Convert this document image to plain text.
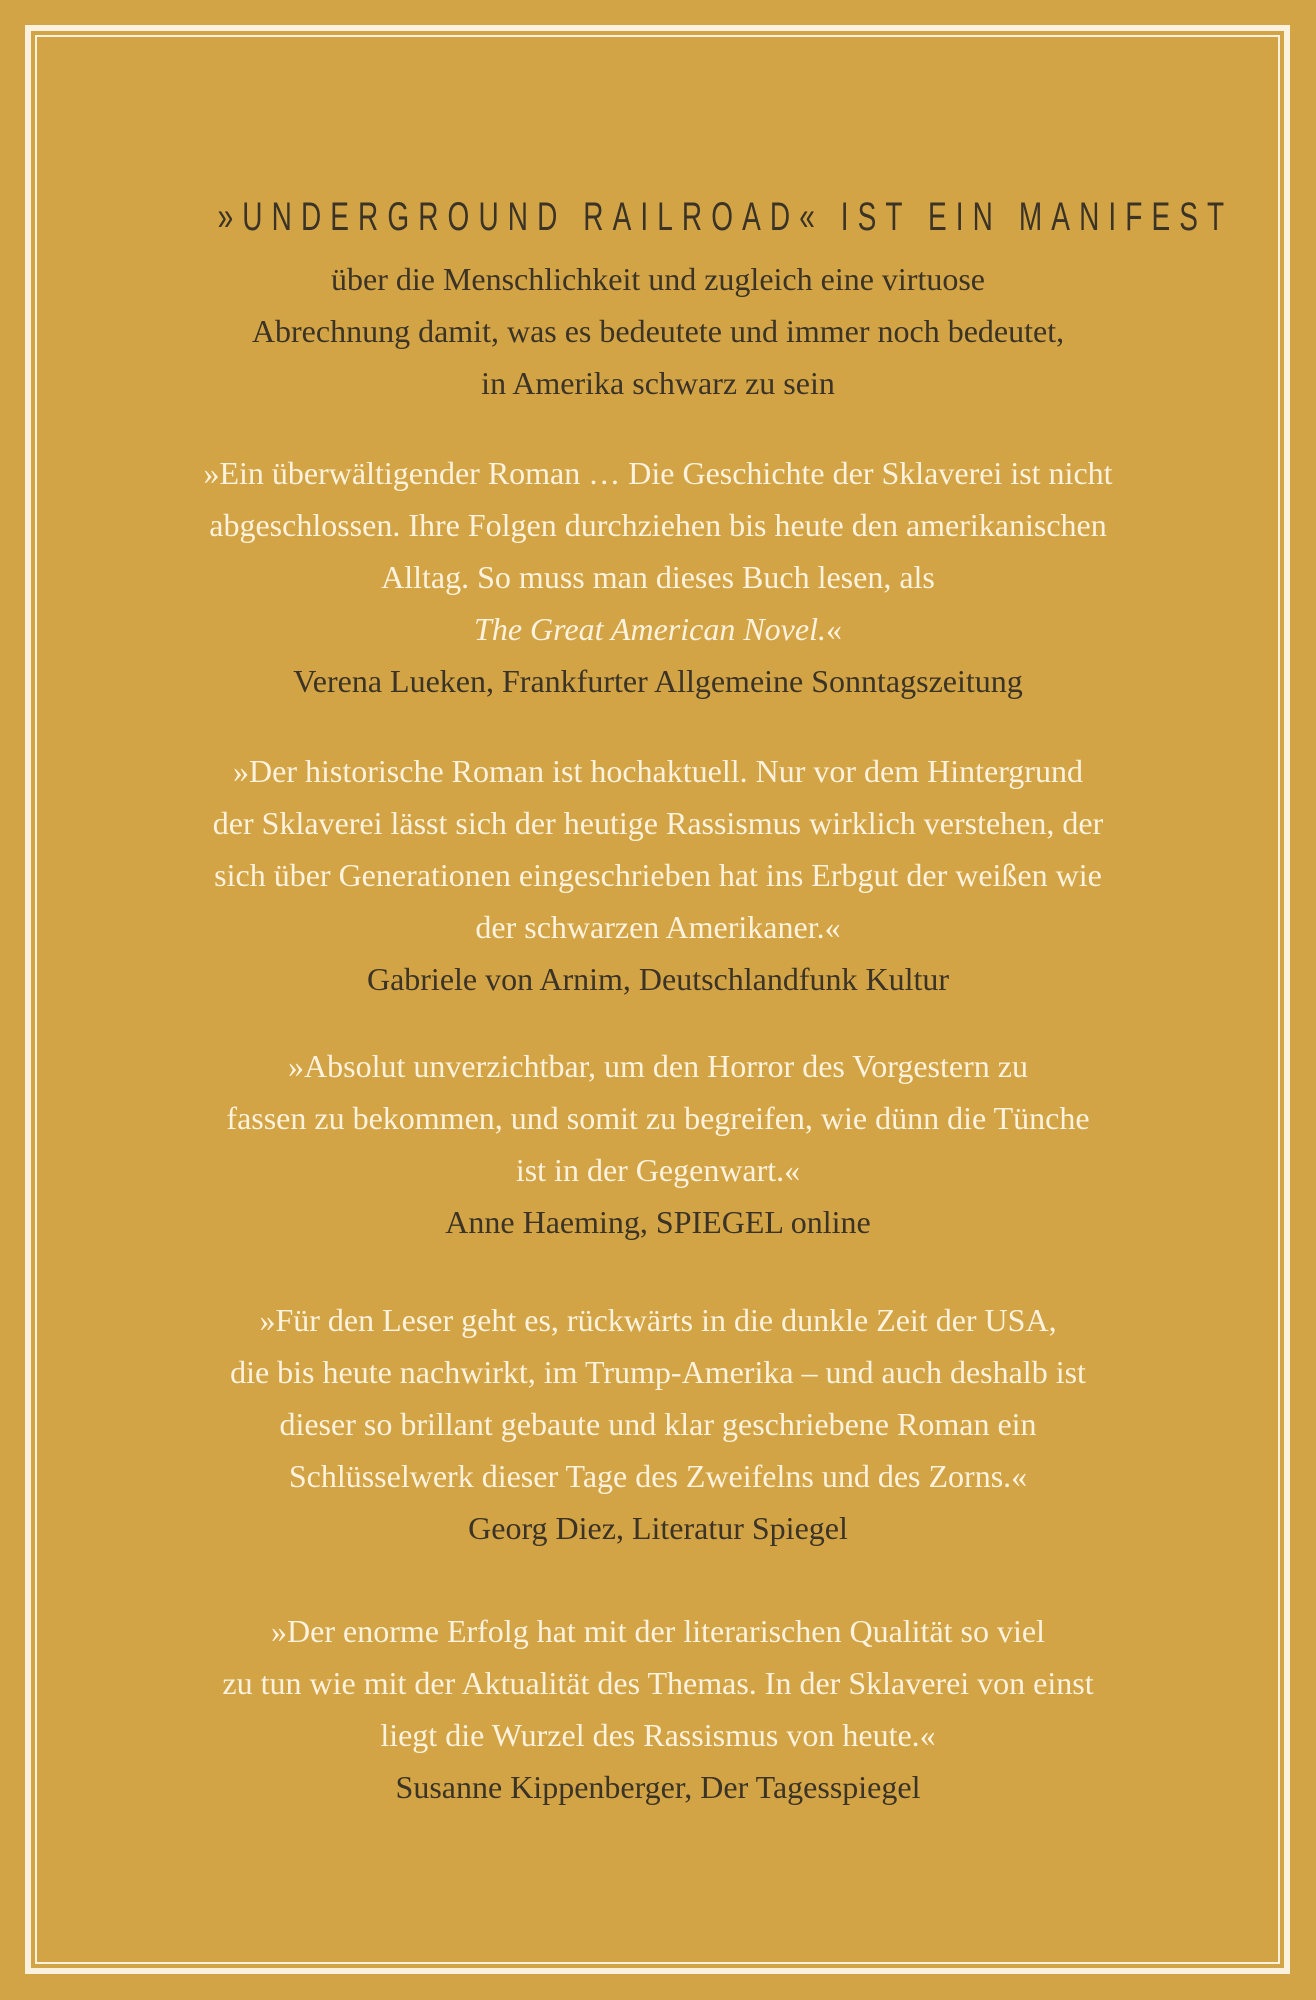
»UNDERGROUND RAILROAD« IST EIN MANIFEST
über die Menschlichkeit und zugleich eine virtuose
Abrechnung damit, was es bedeutete und immer noch bedeutet,
in Amerika schwarz zu sein
»Ein überwältigender Roman … Die Geschichte der Sklaverei ist nicht
abgeschlossen. Ihre Folgen durchziehen bis heute den amerikanischen
Alltag. So muss man dieses Buch lesen, als
The Great American Novel.«
Verena Lueken, Frankfurter Allgemeine Sonntagszeitung
»Der historische Roman ist hochaktuell. Nur vor dem Hintergrund
der Sklaverei lässt sich der heutige Rassismus wirklich verstehen, der
sich über Generationen eingeschrieben hat ins Erbgut der weißen wie
der schwarzen Amerikaner.«
Gabriele von Arnim, Deutschlandfunk Kultur
»Absolut unverzichtbar, um den Horror des Vorgestern zu
fassen zu bekommen, und somit zu begreifen, wie dünn die Tünche
ist in der Gegenwart.«
Anne Haeming, SPIEGEL online
»Für den Leser geht es, rückwärts in die dunkle Zeit der USA,
die bis heute nachwirkt, im Trump-Amerika – und auch deshalb ist
dieser so brillant gebaute und klar geschriebene Roman ein
Schlüsselwerk dieser Tage des Zweifelns und des Zorns.«
Georg Diez, Literatur Spiegel
»Der enorme Erfolg hat mit der literarischen Qualität so viel
zu tun wie mit der Aktualität des Themas. In der Sklaverei von einst
liegt die Wurzel des Rassismus von heute.«
Susanne Kippenberger, Der Tagesspiegel
